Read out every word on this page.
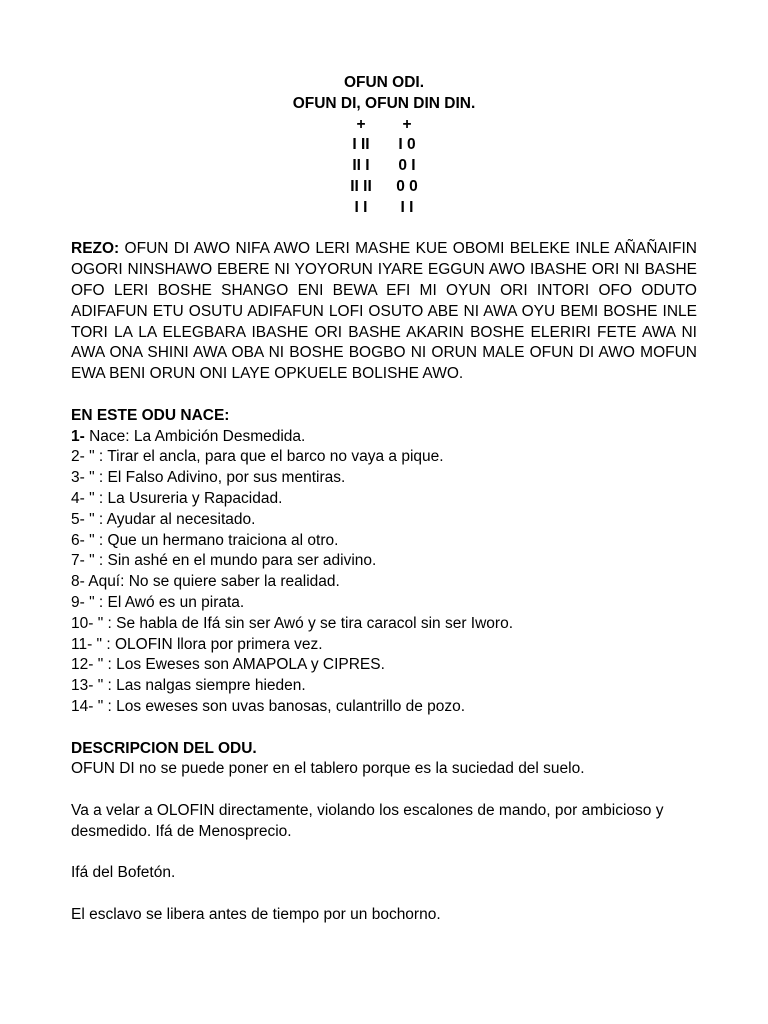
OFUN ODI.
OFUN DI, OFUN DIN DIN.
+	+
I II	I 0
II I	0 I
II II	0 0
I I	I I

REZO: OFUN DI AWO NIFA AWO LERI MASHE KUE OBOMI BELEKE INLE AÑAÑAIFIN OGORI NINSHAWO EBERE NI YOYORUN IYARE EGGUN AWO IBASHE ORI NI BASHE OFO LERI BOSHE SHANGO ENI BEWA EFI MI OYUN ORI INTORI OFO ODUTO ADIFAFUN ETU OSUTU ADIFAFUN LOFI OSUTO ABE NI AWA OYU BEMI BOSHE INLE TORI LA LA ELEGBARA IBASHE ORI BASHE AKARIN BOSHE ELERIRI FETE AWA NI AWA ONA SHINI AWA OBA NI BOSHE BOGBO NI ORUN MALE OFUN DI AWO MOFUN EWA BENI ORUN ONI LAYE OPKUELE BOLISHE AWO.

EN ESTE ODU NACE:
1- Nace: La Ambición Desmedida.
2- " : Tirar el ancla, para que el barco no vaya a pique.
3- " : El Falso Adivino, por sus mentiras.
4- " : La Usureria y Rapacidad.
5- " : Ayudar al necesitado.
6- " : Que un hermano traiciona al otro.
7- " : Sin ashé en el mundo para ser adivino.
8- Aquí: No se quiere saber la realidad.
9- " : El Awó es un pirata.
10- " : Se habla de Ifá sin ser Awó y se tira caracol sin ser Iworo.
11- " : OLOFIN llora por primera vez.
12- " : Los Eweses son AMAPOLA y CIPRES.
13- " : Las nalgas siempre hieden.
14- " : Los eweses son uvas banosas, culantrillo de pozo.
DESCRIPCION DEL ODU.

OFUN DI no se puede poner en el tablero porque es la suciedad del suelo.

Va a velar a OLOFIN directamente, violando los escalones de mando, por ambicioso y desmedido. Ifá de Menosprecio.

Ifá del Bofetón.

El esclavo se libera antes de tiempo por un bochorno.
